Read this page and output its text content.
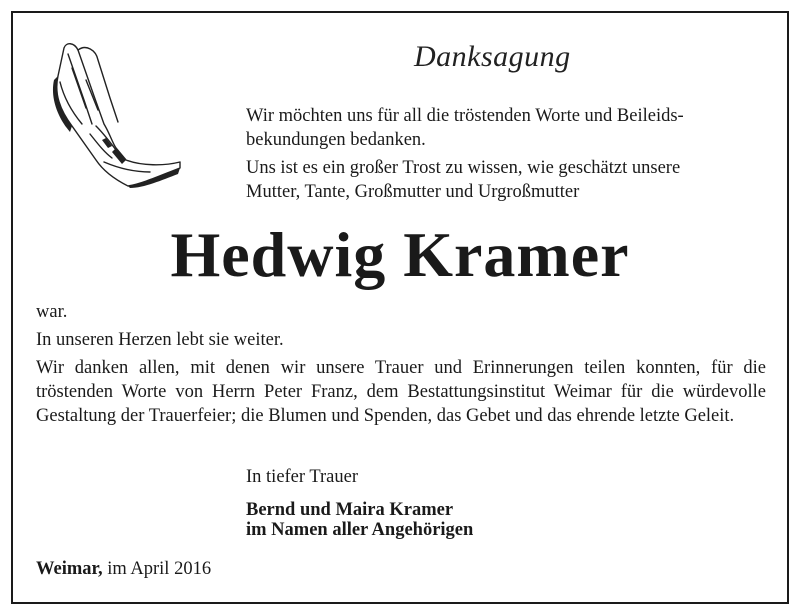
Danksagung

Wir möchten uns für all die tröstenden Worte und Beileids-
bekundungen bedanken.

Uns ist es ein großer Trost zu wissen, wie geschätzt unsere
Mutter, Tante, Großmutter und Urgroßmutter

Hedwig Kramer

war.

In unseren Herzen lebt sie weiter.

Wir danken allen, mit denen wir unsere Trauer und Erinnerungen teilen konnten, für die tröstenden Worte von Herrn Peter Franz, dem Bestattungsinstitut Weimar für die würdevolle Gestaltung der Trauerfeier; die Blumen und Spenden, das Gebet und das ehrende letzte Geleit.

In tiefer Trauer

Bernd und Maira Kramer

im Namen aller Angehörigen

Weimar, im April 2016
